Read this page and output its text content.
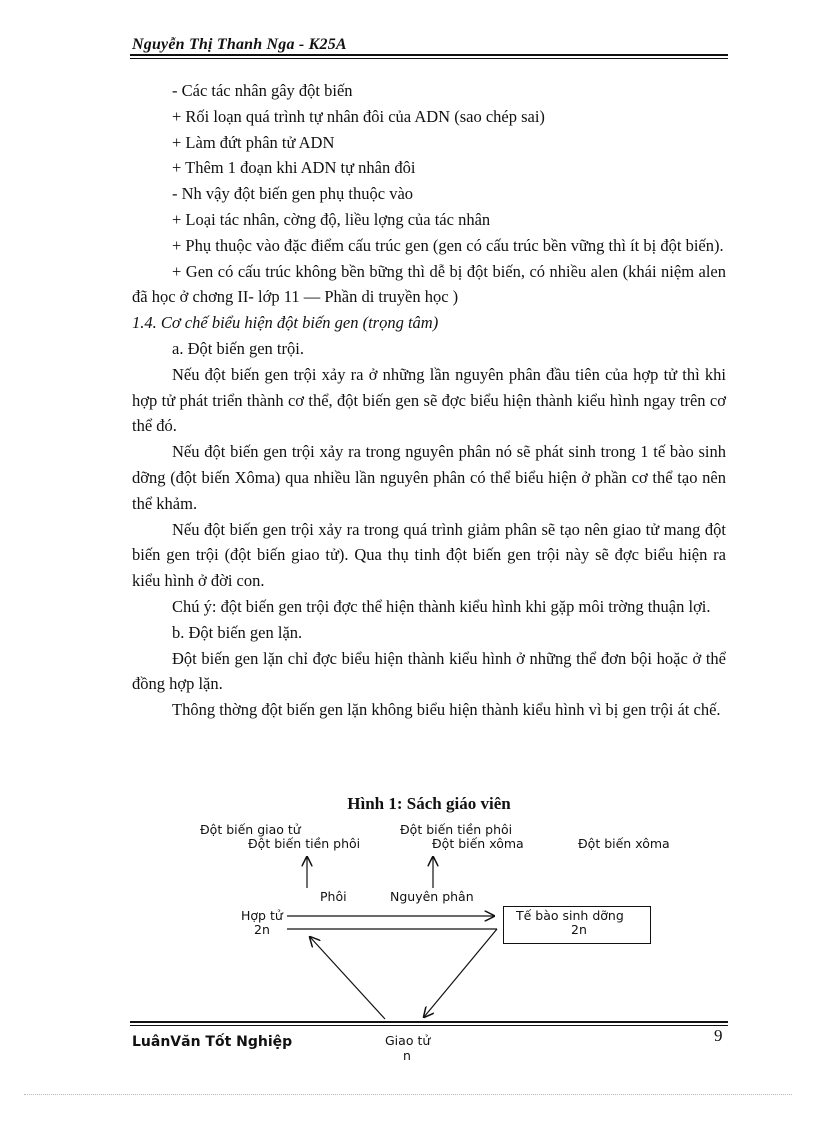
Nguyễn Thị Thanh Nga - K25A

- Các tác nhân gây đột biến

+ Rối loạn quá trình tự nhân đôi của ADN (sao chép sai)

+ Làm đứt phân tử ADN

+ Thêm 1 đoạn khi ADN tự nhân đôi

- Nh vậy đột biến gen phụ thuộc vào

+ Loại tác nhân, cờng độ, liều lợng của tác nhân

+ Phụ thuộc vào đặc điểm cấu trúc gen (gen có cấu trúc bền vững thì ít bị đột biến).

+ Gen có cấu trúc không bền bững thì dễ bị đột biến, có nhiều alen (khái niệm alen đã học ở chơng II- lớp 11 — Phần di truyền học )

1.4. Cơ chế biểu hiện đột biến gen (trọng tâm)

a. Đột biến gen trội.

Nếu đột biến gen trội xảy ra ở những lần nguyên phân đầu tiên của hợp tử thì khi hợp tử phát triển thành cơ thể, đột biến gen sẽ đợc biểu hiện thành kiểu hình ngay trên cơ thể đó.

Nếu đột biến gen trội xảy ra trong nguyên phân nó sẽ phát sinh trong 1 tế bào sinh dỡng (đột biến Xôma) qua nhiều lần nguyên phân có thể biểu hiện ở phần cơ thể tạo nên thể khảm.

Nếu đột biến gen trội xảy ra trong quá trình giảm phân sẽ tạo nên giao tử mang đột biến gen trội (đột biến giao tử). Qua thụ tinh đột biến gen trội này sẽ đợc biểu hiện ra kiểu hình ở đời con.

Chú ý: đột biến gen trội đợc thể hiện thành kiểu hình khi gặp môi trờng thuận lợi.

b. Đột biến gen lặn.

Đột biến gen lặn chỉ đợc biểu hiện thành kiểu hình ở những thể đơn bội hoặc ở thể đồng hợp lặn.

Thông thờng đột biến gen lặn không biểu hiện thành kiểu hình vì bị gen trội át chế.

Hình 1: Sách giáo viên
Đột biến giao tử
Đột biến tiền phôi
Đột biến tiền phôi
Đột biến xôma	Đột biến xôma
Phôi	Nguyên phân
Hợp tử
2n
Tế bào sinh dỡng
2n
Giao tử
n
LuânVăn Tốt Nghiệp	9
